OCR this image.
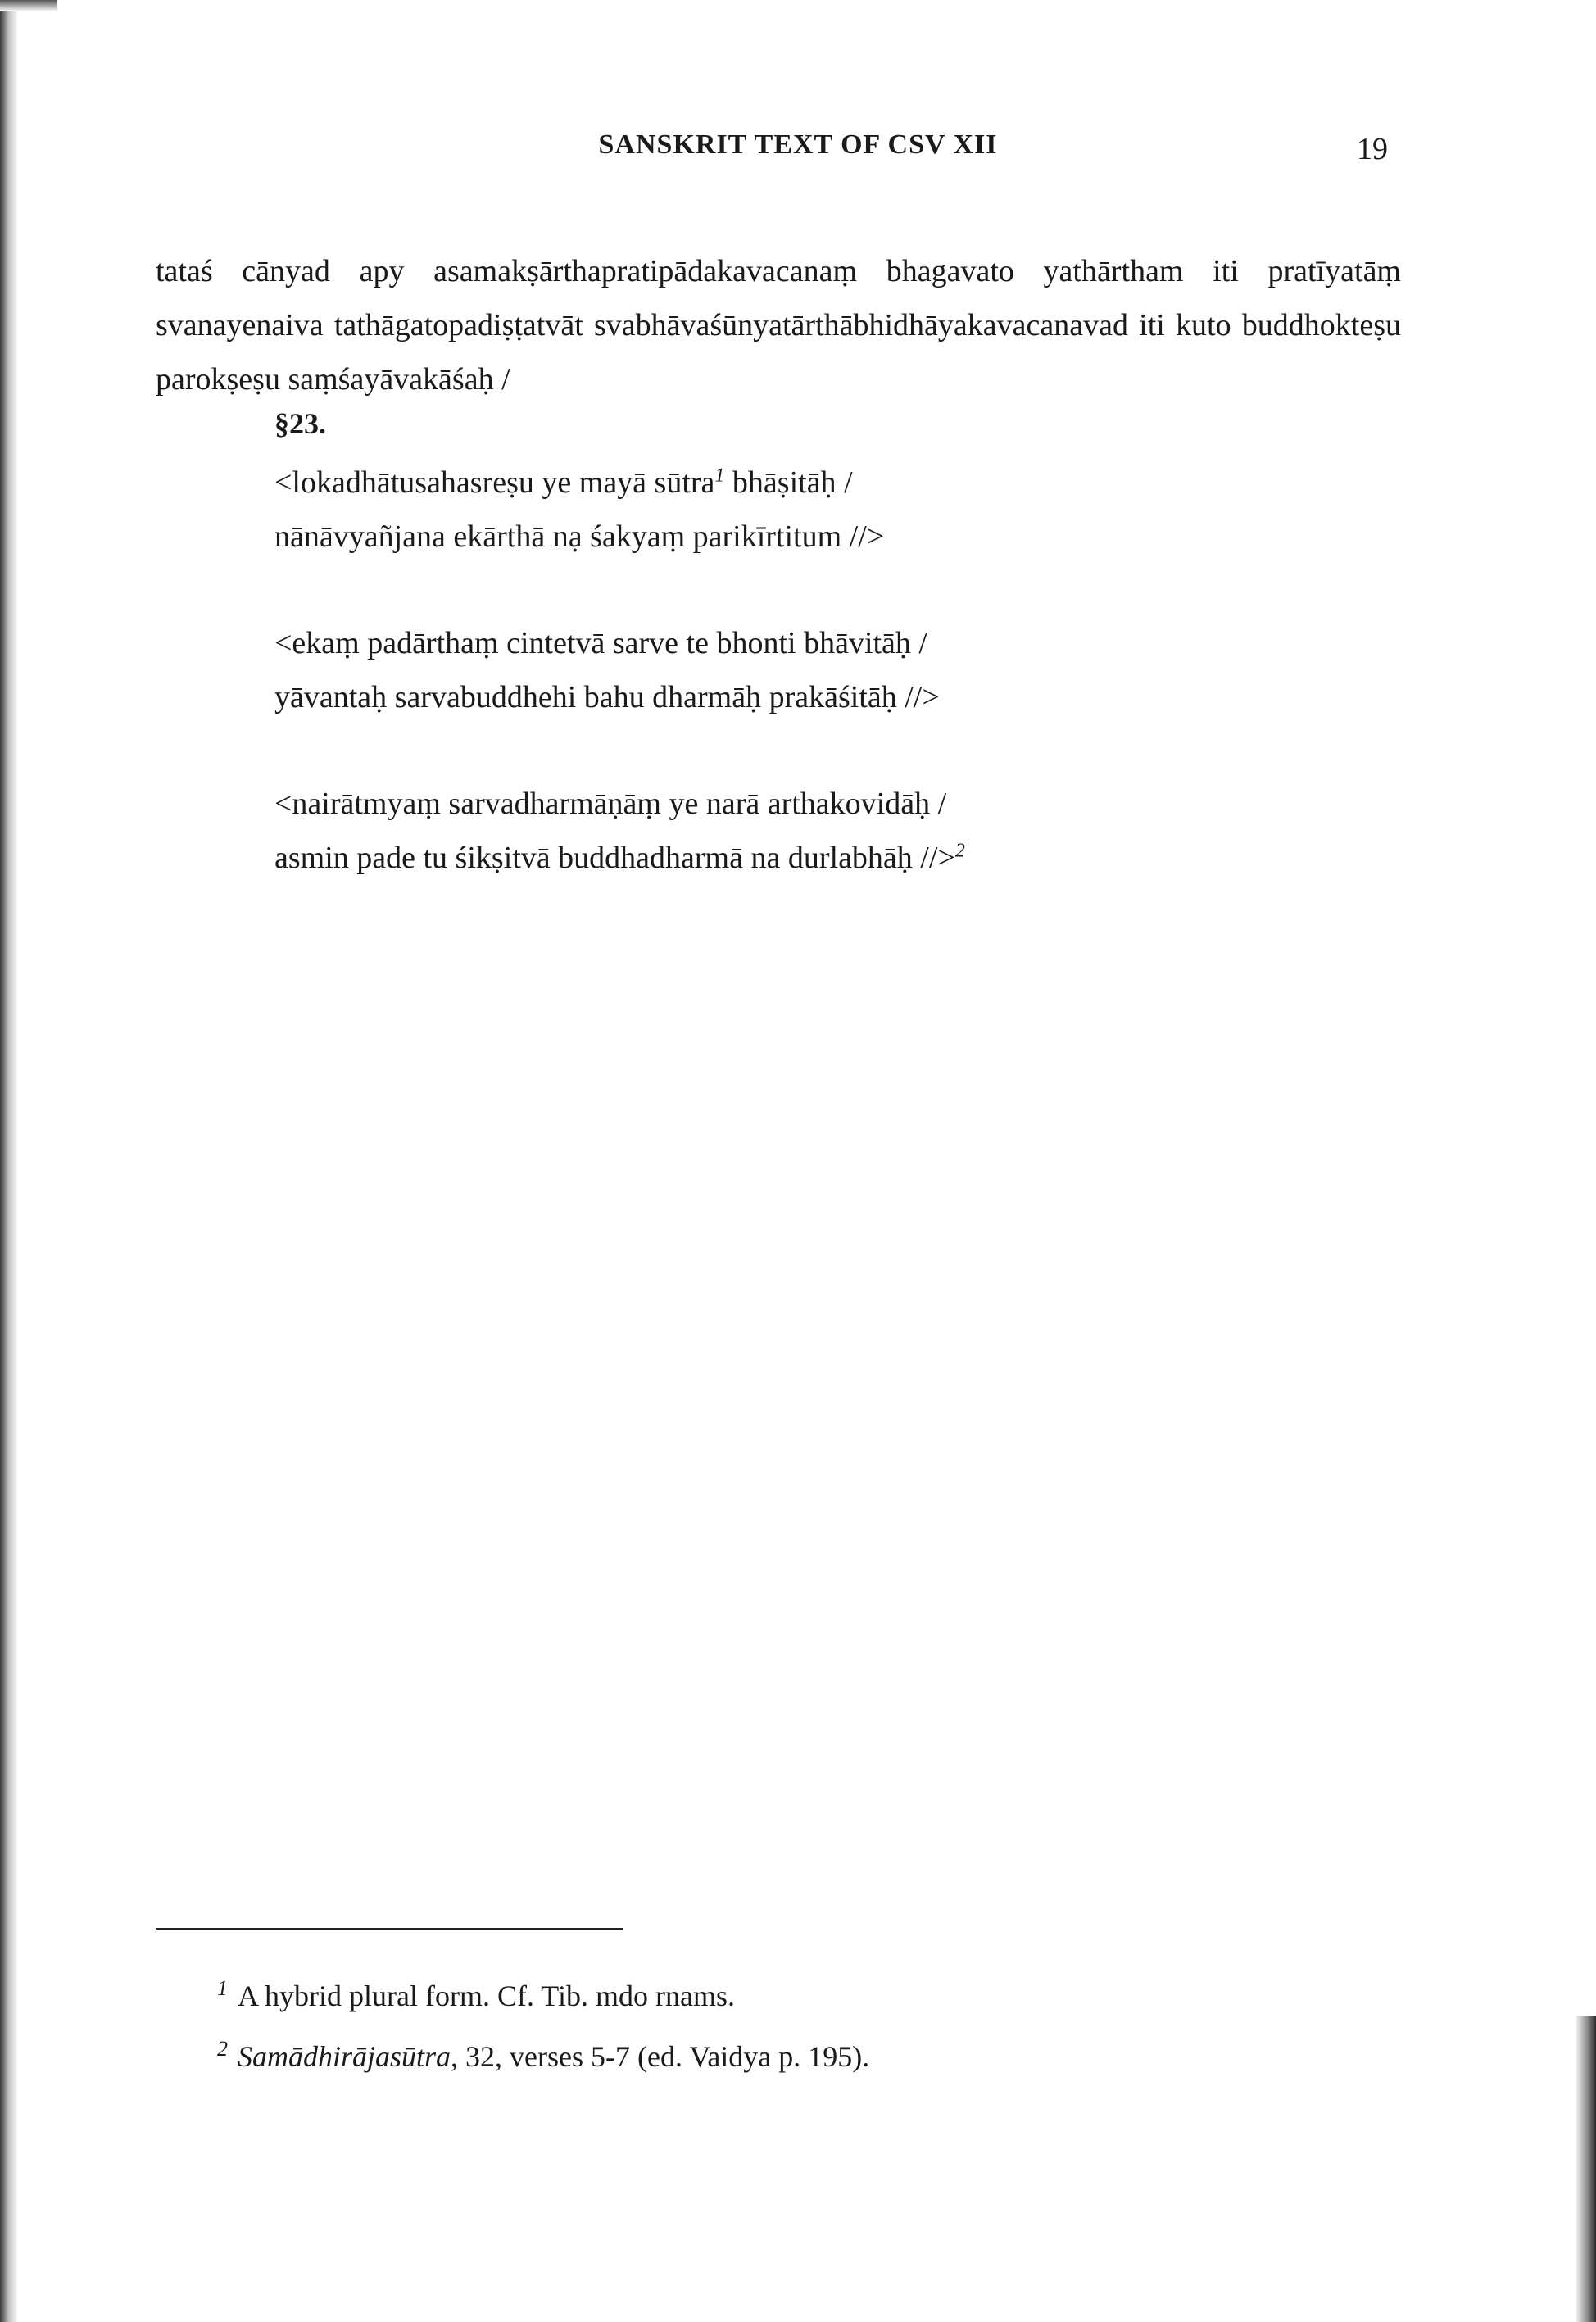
SANSKRIT TEXT OF CSV XII	19
tataś cānyad apy asamakṣārthapratipādakavacanaṃ bhagavato yathārtham iti pratīyatāṃ svanayenaiva tathāgatopadiṣṭatvāt svabhāvaśūnyatārthābhidhāyakavacanavad iti kuto buddhokteṣu parokṣeṣu saṃśayāvakāśaḥ /
§23.
<lokadhātusahasreṣu ye mayā sūtra$^1$ bhāṣitāḥ /
nānāvyañjana ekārthā nạ śakyaṃ parikīrtitum //>
<ekaṃ padārthaṃ cintetvā sarve te bhonti bhāvitāḥ /
yāvantaḥ sarvabuddhehi bahu dharmāḥ prakāśitāḥ //>
<nairātmyaṃ sarvadharmāṇāṃ ye narā arthakovidāḥ /
asmin pade tu śikṣitvā buddhadharmā na durlabhāḥ //>$^2$
$^1$ A hybrid plural form. Cf. Tib. mdo rnams.
$^2$ Samādhirājasūtra, 32, verses 5-7 (ed. Vaidya p. 195).
